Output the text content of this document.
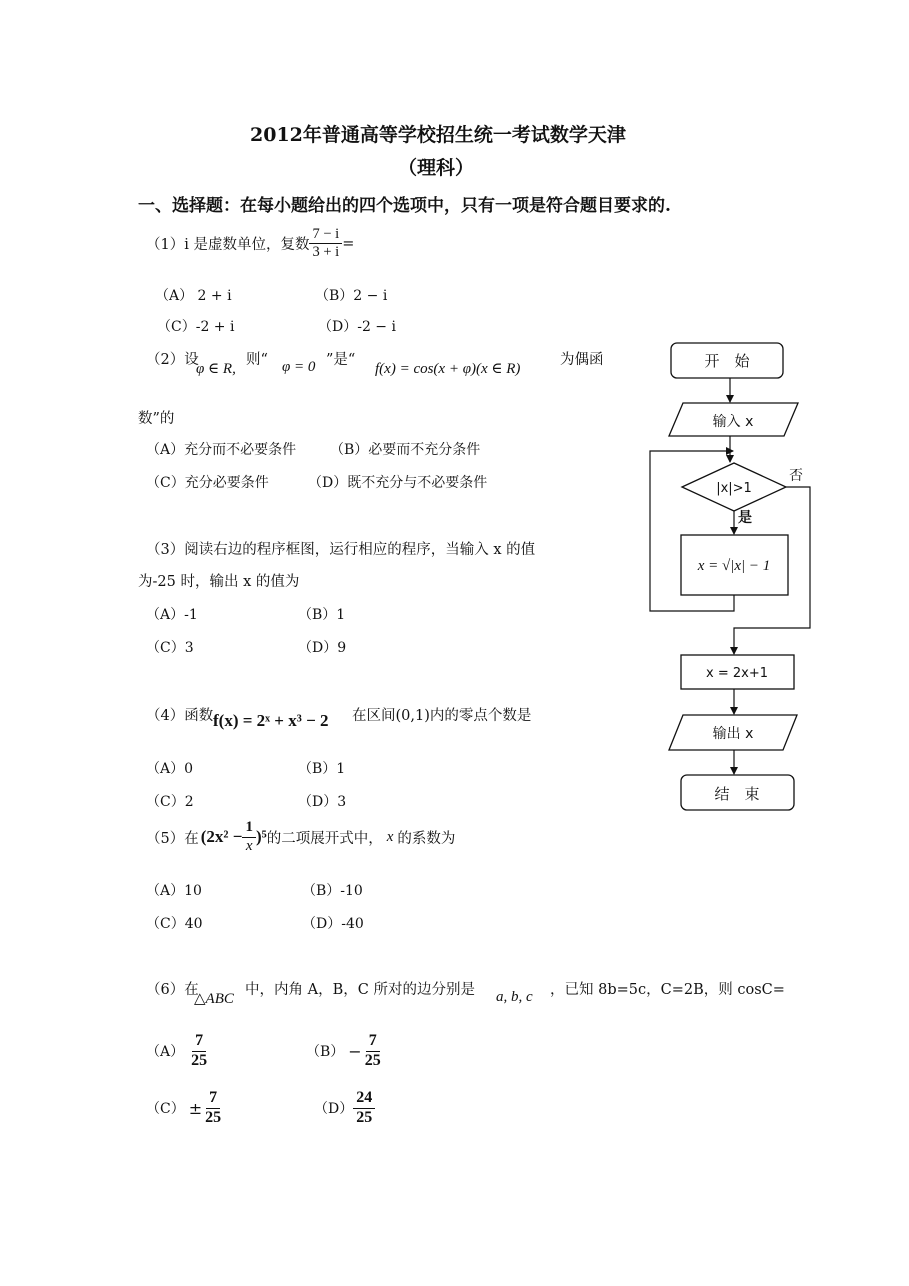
2012年普通高等学校招生统一考试数学天津
（理科）
一、选择题：在每小题给出的四个选项中，只有一项是符合题目要求的.
（1）i 是虚数单位，复数 $\frac{7 - i}{3 + i}$ =
（A） 2 + i	（B）2 − i
（C）-2 + i	（D）-2 − i
（2）设
φ ∈ R,
则“ φ = 0 ”是“
f(x) = cos(x + φ)(x ∈ R)
为偶函
数”的
（A）充分而不必要条件 （B）必要而不充分条件
（C）充分必要条件	（D）既不充分与不必要条件
（3）阅读右边的程序框图，运行相应的程序，当输入 x 的值
为-25 时，输出 x 的值为
（A）-1	（B）1
（C）3	（D）9
（4）函数 f(x) = 2ˣ + x³ − 2 在区间(0,1)内的零点个数是
（A）0	（B）1
（C）2	（D）3
（5）在 $(2x^2 - \frac{1}{x} )^5$ 的二项展开式中， x 的系数为
（A）10	（B）-10
（C）40	（D）-40
（6）在
△ABC
中，内角 A，B，C 所对的边分别是 a, b, c ，已知 8b=5c，C=2B，则 cosC=
$(A) \frac{7}{25}$	$(B) - \frac{7}{25}$
$(C) \pm \frac{7}{25}$	$(D) \frac{24}{25}$
开　始
输入 x
|x|>1
否
是
x = √|x| − 1
x = 2x+1
输出 x
结　束
